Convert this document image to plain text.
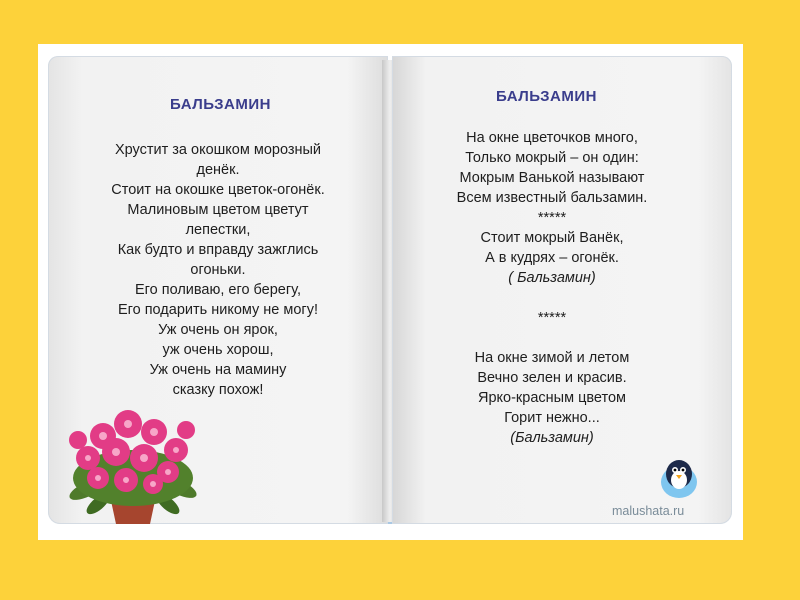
БАЛЬЗАМИН
Хрустит за окошком морозный
денёк.
Стоит на окошке цветок-огонёк.
Малиновым цветом цветут
лепестки,
Как будто и вправду зажглись
огоньки.
Его поливаю, его берегу,
Его подарить никому не могу!
Уж очень он ярок,
уж очень хорош,
Уж очень на мамину
сказку похож!
БАЛЬЗАМИН
На окне цветочков много,
Только мокрый – он один:
Мокрым Ванькой называют
Всем известный бальзамин.
*****
Стоит мокрый Ванёк,
А в кудрях – огонёк.
( Бальзамин)

*****

На окне зимой и летом
Вечно зелен и красив.
Ярко-красным цветом
Горит нежно...
(Бальзамин)
malushata.ru
